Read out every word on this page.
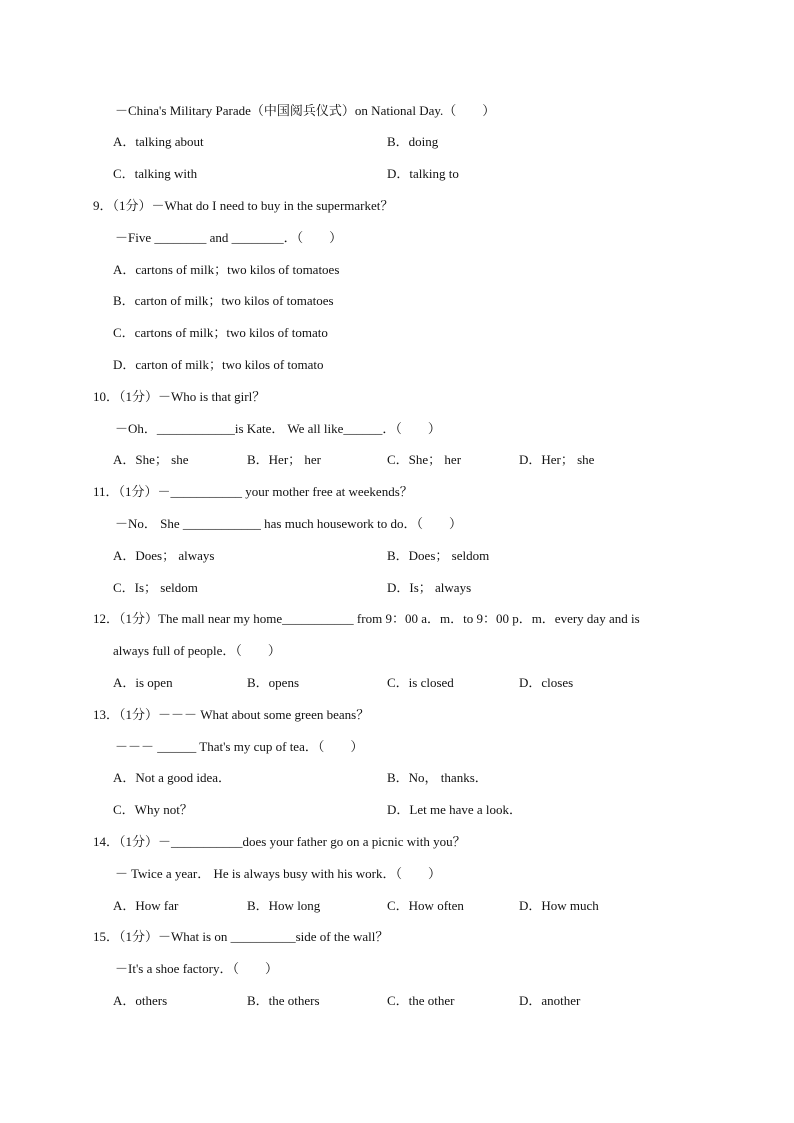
－China's Military Parade（中国阅兵仪式）on National Day.（　　）
A．talking about	B．doing
C．talking with	D．talking to
9．（1分）－What do I need to buy in the supermarket？
－Five ________ and ________．（　　）
A．cartons of milk；two kilos of tomatoes
B．carton of milk；two kilos of tomatoes
C．cartons of milk；two kilos of tomato
D．carton of milk；two kilos of tomato
10．（1分）－Who is that girl？
－Oh．____________is Kate． We all like______．（　　）
A．She； she	B．Her； her	C．She； her	D．Her； she
11．（1分）－___________ your mother free at weekends？
－No． She ____________ has much housework to do．（　　）
A．Does； always	B．Does； seldom
C．Is； seldom	D．Is； always
12．（1分）The mall near my home___________ from 9：00 a．m．to 9：00 p．m．every day and is
always full of people．（　　）
A．is open	B．opens	C．is closed	D．closes
13．（1分）－－－ What about some green beans？
－－－ ______ That's my cup of tea．（　　）
A．Not a good idea．	B．No， thanks．
C．Why not？	D．Let me have a look．
14．（1分）－___________does your father go on a picnic with you？
－ Twice a year． He is always busy with his work．（　　）
A．How far	B．How long	C．How often	D．How much
15．（1分）－What is on __________side of the wall？
－It's a shoe factory．（　　）
A．others	B．the others	C．the other	D．another
